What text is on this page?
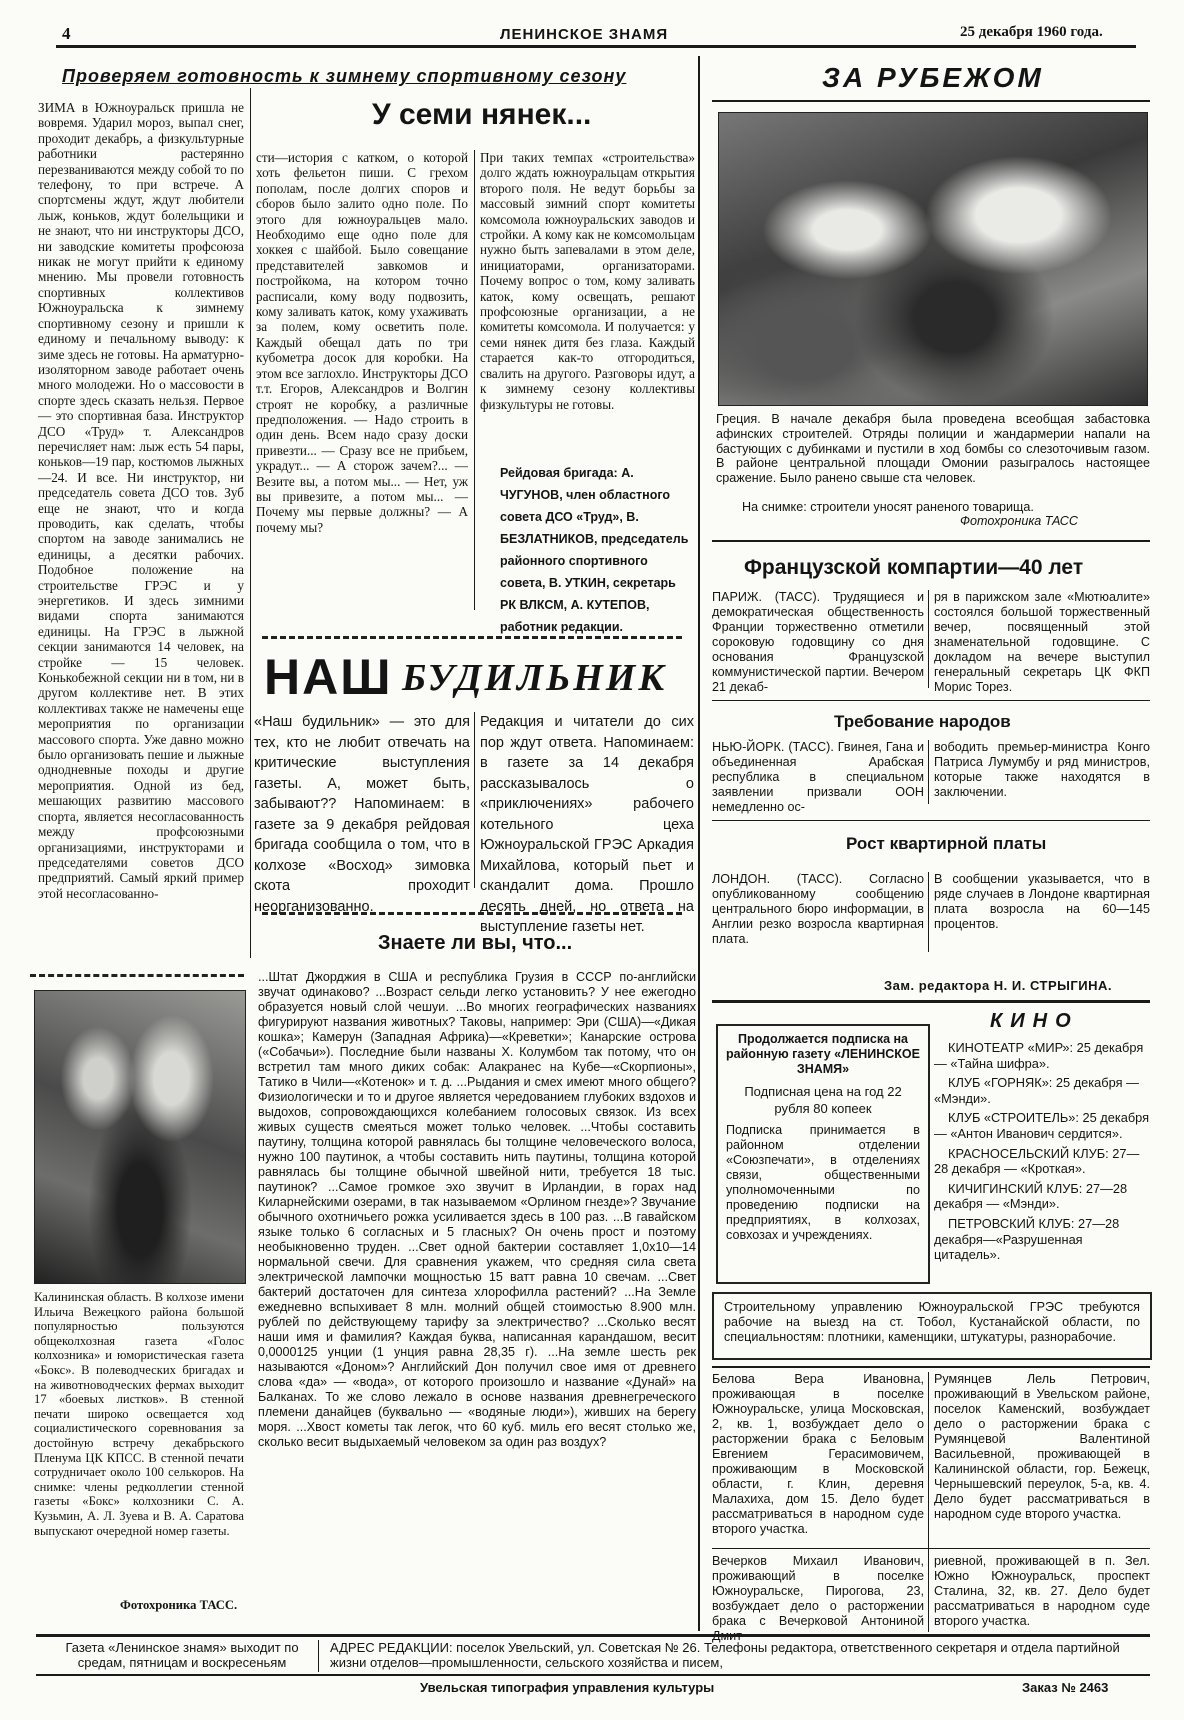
4	ЛЕНИНСКОЕ ЗНАМЯ	25 декабря 1960 года.
Проверяем готовность к зимнему спортивному сезону
У семи нянек...
ЗИМА в Южноуральск пришла не вовремя. Ударил мороз, выпал снег, проходит декабрь, а физкультурные работники растерянно перезваниваются между собой то по телефону, то при встрече. А спортсмены ждут, ждут любители лыж, коньков, ждут болельщики и не знают, что ни инструкторы ДСО, ни заводские комитеты профсоюза никак не могут прийти к единому мнению. Мы провели готовность спортивных коллективов Южноуральска к зимнему спортивному сезону и пришли к единому и печальному выводу: к зиме здесь не готовы. На арматурно-изоляторном заводе работает очень много молодежи. Но о массовости в спорте здесь сказать нельзя. Первое — это спортивная база. Инструктор ДСО «Труд» т. Александров перечисляет нам: лыж есть 54 пары, коньков—19 пар, костюмов лыжных—24. И все. Ни инструктор, ни председатель совета ДСО тов. Зуб еще не знают, что и когда проводить, как сделать, чтобы спортом на заводе занимались не единицы, а десятки рабочих. Подобное положение на строительстве ГРЭС и у энергетиков. И здесь зимними видами спорта занимаются единицы. На ГРЭС в лыжной секции занимаются 14 человек, на стройке — 15 человек. Конькобежной секции ни в том, ни в другом коллективе нет. В этих коллективах также не намечены еще мероприятия по организации массового спорта. Уже давно можно было организовать пешие и лыжные однодневные походы и другие мероприятия. Одной из бед, мешающих развитию массового спорта, является несогласованность между профсоюзными организациями, инструкторами и председателями советов ДСО предприятий. Самый яркий пример этой несогласованно-
сти—история с катком, о которой хоть фельетон пиши. С грехом пополам, после долгих споров и сборов было залито одно поле. По этого для южноуральцев мало. Необходимо еще одно поле для хоккея с шайбой. Было совещание представителей завкомов и постройкома, на котором точно расписали, кому воду подвозить, кому заливать каток, кому ухаживать за полем, кому осветить поле. Каждый обещал дать по три кубометра досок для коробки. На этом все заглохло. Инструкторы ДСО т.т. Егоров, Александров и Волгин строят не коробку, а различные предположения. — Надо строить в один день. Всем надо сразу доски привезти... — Сразу все не прибьем, украдут... — А сторож зачем?... — Везите вы, а потом мы... — Нет, уж вы привезите, а потом мы... — Почему мы первые должны? — А почему мы?
При таких темпах «строительства» долго ждать южноуральцам открытия второго поля. Не ведут борьбы за массовый зимний спорт комитеты комсомола южноуральских заводов и стройки. А кому как не комсомольцам нужно быть запевалами в этом деле, инициаторами, организаторами. Почему вопрос о том, кому заливать каток, кому освещать, решают профсоюзные организации, а не комитеты комсомола. И получается: у семи нянек дитя без глаза. Каждый старается как-то отгородиться, свалить на другого. Разговоры идут, а к зимнему сезону коллективы физкультуры не готовы.
Рейдовая бригада: А. ЧУГУНОВ, член областного совета ДСО «Труд», В. БЕЗЛАТНИКОВ, председатель районного спортивного совета, В. УТКИН, секретарь РК ВЛКСМ, А. КУТЕПОВ, работник редакции.
НАШ БУДИЛЬНИК
«Наш будильник» — это для тех, кто не любит отвечать на критические выступления газеты. А, может быть, забывают?? Напоминаем: в газете за 9 декабря рейдовая бригада сообщила о том, что в колхозе «Восход» зимовка скота проходит неорганизованно.
Редакция и читатели до сих пор ждут ответа. Напоминаем: в газете за 14 декабря рассказывалось о «приключениях» рабочего котельного цеха Южноуральской ГРЭС Аркадия Михайлова, который пьет и скандалит дома. Прошло десять дней, но ответа на выступление газеты нет.
Знаете ли вы, что...
...Штат Джорджия в США и республика Грузия в СССР по-английски звучат одинаково? ...Возраст сельди легко установить? У нее ежегодно образуется новый слой чешуи. ...Во многих географических названиях фигурируют названия животных? Таковы, например: Эри (США)—«Дикая кошка»; Камерун (Западная Африка)—«Креветки»; Канарские острова («Собачьи»). Последние были названы Х. Колумбом так потому, что он встретил там много диких собак: Алакранес на Кубе—«Скорпионы», Татико в Чили—«Котенок» и т. д. ...Рыдания и смех имеют много общего? Физиологически и то и другое является чередованием глубоких вздохов и выдохов, сопровождающихся колебанием голосовых связок. Из всех живых существ смеяться может только человек. ...Чтобы составить паутину, толщина которой равнялась бы толщине человеческого волоса, нужно 100 паутинок, а чтобы составить нить паутины, толщина которой равнялась бы толщине обычной швейной нити, требуется 18 тыс. паутинок? ...Самое громкое эхо звучит в Ирландии, в горах над Киларнейскими озерами, в так называемом «Орлином гнезде»? Звучание обычного охотничьего рожка усиливается здесь в 100 раз. ...В гавайском языке только 6 согласных и 5 гласных? Он очень прост и поэтому необыкновенно труден. ...Свет одной бактерии составляет 1,0х10—14 нормальной свечи. Для сравнения укажем, что средняя сила света электрической лампочки мощностью 15 ватт равна 10 свечам. ...Свет бактерий достаточен для синтеза хлорофилла растений? ...На Земле ежедневно вспыхивает 8 млн. молний общей стоимостью 8.900 млн. рублей по действующему тарифу за электричество? ...Сколько весят наши имя и фамилия? Каждая буква, написанная карандашом, весит 0,0000125 унции (1 унция равна 28,35 г). ...На земле шесть рек называются «Доном»? Английский Дон получил свое имя от древнего слова «да» — «вода», от которого произошло и название «Дунай» на Балканах. То же слово лежало в основе названия древнегреческого племени данайцев (буквально — «водяные люди»), живших на берегу моря. ...Хвост кометы так легок, что 60 куб. миль его весят столько же, сколько весит выдыхаемый человеком за один раз воздух?
Калининская область. В колхозе имени Ильича Вежецкого района большой популярностью пользуются общеколхозная газета «Голос колхозника» и юмористическая газета «Бокс». В полеводческих бригадах и на животноводческих фермах выходит 17 «боевых листков». В стенной печати широко освещается ход социалистического соревнования за достойную встречу декабрьского Пленума ЦК КПСС. В стенной печати сотрудничает около 100 селькоров. На снимке: члены редколлегии стенной газеты «Бокс» колхозники С. А. Кузьмин, А. Л. Зуева и В. А. Саратова выпускают очередной номер газеты.
Фотохроника ТАСС.
ЗА РУБЕЖОМ
Греция. В начале декабря была проведена всеобщая забастовка афинских строителей. Отряды полиции и жандармерии напали на бастующих с дубинками и пустили в ход бомбы со слезоточивым газом. В районе центральной площади Омонии разыгралось настоящее сражение. Было ранено свыше ста человек.
На снимке: строители уносят раненого товарища.
Фотохроника ТАСС
Французской компартии—40 лет
ПАРИЖ. (ТАСС). Трудящиеся и демократическая общественность Франции торжественно отметили сороковую годовщину со дня основания Французской коммунистической партии. Вечером 21 декаб-
ря в парижском зале «Мютюалите» состоялся большой торжественный вечер, посвященный этой знаменательной годовщине. С докладом на вечере выступил генеральный секретарь ЦК ФКП Морис Торез.
Требование народов
НЬЮ-ЙОРК. (ТАСС). Гвинея, Гана и объединенная Арабская республика в специальном заявлении призвали ООН немедленно ос-
вободить премьер-министра Конго Патриса Лумумбу и ряд министров, которые также находятся в заключении.
Рост квартирной платы
ЛОНДОН. (ТАСС). Согласно опубликованному сообщению центрального бюро информации, в Англии резко возросла квартирная плата.
В сообщении указывается, что в ряде случаев в Лондоне квартирная плата возросла на 60—145 процентов.
Зам. редактора Н. И. СТРЫГИНА.
Продолжается подписка на районную газету «ЛЕНИНСКОЕ ЗНАМЯ»
Подписная цена на год 22 рубля 80 копеек
Подписка принимается в районном отделении «Союзпечати», в отделениях связи, общественными уполномоченными по проведению подписки на предприятиях, в колхозах, совхозах и учреждениях.
КИНО

КИНОТЕАТР «МИР»: 25 декабря — «Тайна шифра».

КЛУБ «ГОРНЯК»: 25 декабря — «Мэнди».

КЛУБ «СТРОИТЕЛЬ»: 25 декабря — «Антон Иванович сердится».

КРАСНОСЕЛЬСКИЙ КЛУБ: 27—28 декабря — «Кроткая».

КИЧИГИНСКИЙ КЛУБ: 27—28 декабря — «Мэнди».

ПЕТРОВСКИЙ КЛУБ: 27—28 декабря—«Разрушенная цитадель».

Строительному управлению Южноуральской ГРЭС требуются рабочие на выезд на ст. Тобол, Кустанайской области, по специальностям: плотники, каменщики, штукатуры, разнорабочие.
Белова Вера Ивановна, проживающая в поселке Южноуральске, улица Московская, 2, кв. 1, возбуждает дело о расторжении брака с Беловым Евгением Герасимовичем, проживающим в Московской области, г. Клин, деревня Малахиха, дом 15. Дело будет рассматриваться в народном суде второго участка.
Румянцев Лель Петрович, проживающий в Увельском районе, поселок Каменский, возбуждает дело о расторжении брака с Румянцевой Валентиной Васильевной, проживающей в Калининской области, гор. Бежецк, Чернышевский переулок, 5-а, кв. 4. Дело будет рассматриваться в народном суде второго участка.
Вечерков Михаил Иванович, проживающий в поселке Южноуральске, Пирогова, 23, возбуждает дело о расторжении брака с Вечерковой Антониной
риевной, проживающей в п. Зел. Южно Южноуральск, проспект Сталина, 32, кв. 27. Дело будет рассматриваться в народном суде второго участка.
Газета «Ленинское знамя» выходит по средам, пятницам и воскресеньям
АДРЕС РЕДАКЦИИ: поселок Увельский, ул. Советская № 26. Телефоны редактора, ответственного секретаря и отдела партийной жизни отделов—промышленности, сельского хозяйства и писем,
Увельская типография управления культуры	Заказ № 2463
